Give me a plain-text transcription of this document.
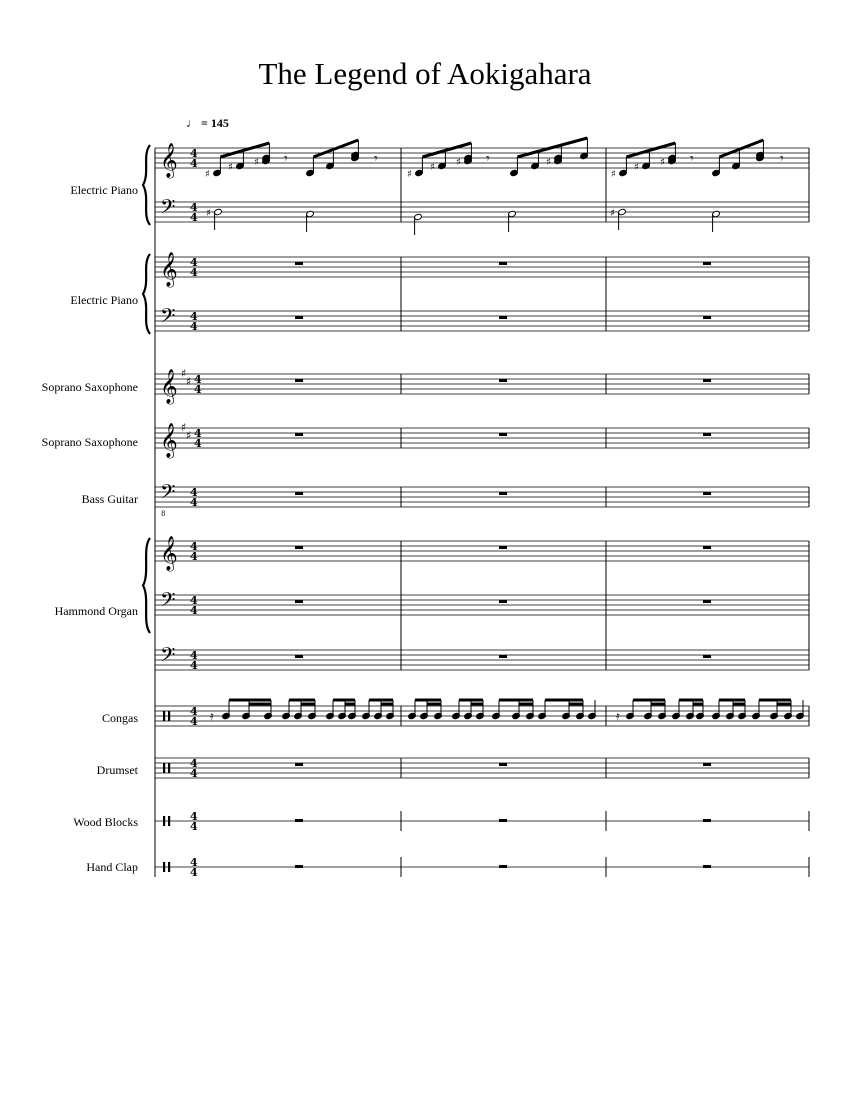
The Legend of Aokigahara
♩ = 145
Electric Piano
Electric Piano
Soprano Saxophone
Soprano Saxophone
Bass Guitar
Hammond Organ
Congas
Drumset
Wood Blocks
Hand Clap
𝄞 4
4
𝄢 4
4
𝄞 4
4
𝄢 4
4
𝄞 ♯
♯ 4
4
𝄞 ♯
♯ 4
4
𝄢
8
4
4
𝄞 4
4
𝄢 4
4
𝄢 4
4
4
4
4
4
4
4
4
4
♯
♯ ♯ 𝄾	𝄾
♯
♯ ♯ 𝄾	♯
♯
♯ ♯ 𝄾	𝄾
♯	♯
𝄿	𝄿
